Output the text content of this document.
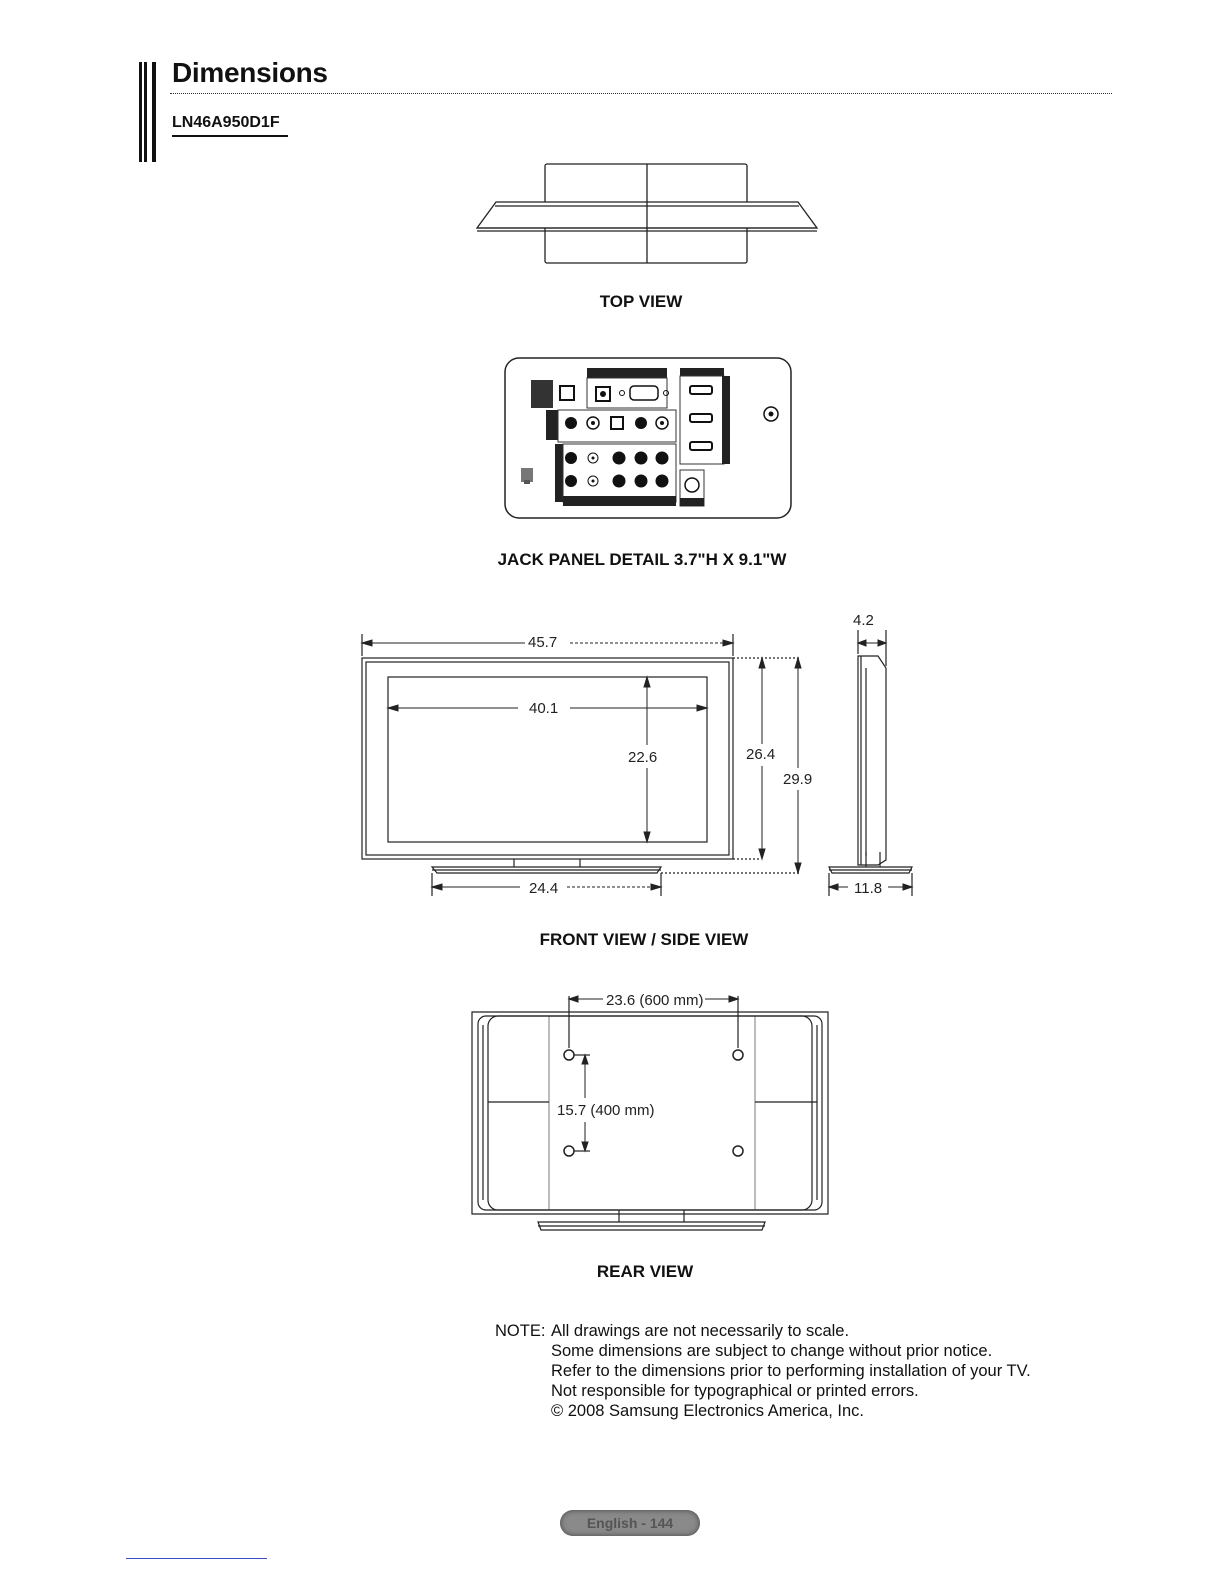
Dimensions
LN46A950D1F
TOP VIEW
JACK PANEL DETAIL 3.7"H X 9.1"W
45.7
40.1
22.6	26.4
29.9
24.4
4.2
11.8
FRONT VIEW / SIDE VIEW
23.6 (600 mm)
15.7 (400 mm)
REAR VIEW
NOTE: All drawings are not necessarily to scale.
Some dimensions are subject to change without prior notice.
Refer to the dimensions prior to performing installation of your TV.
Not responsible for typographical or printed errors.
© 2008 Samsung Electronics America, Inc.
English - 144
